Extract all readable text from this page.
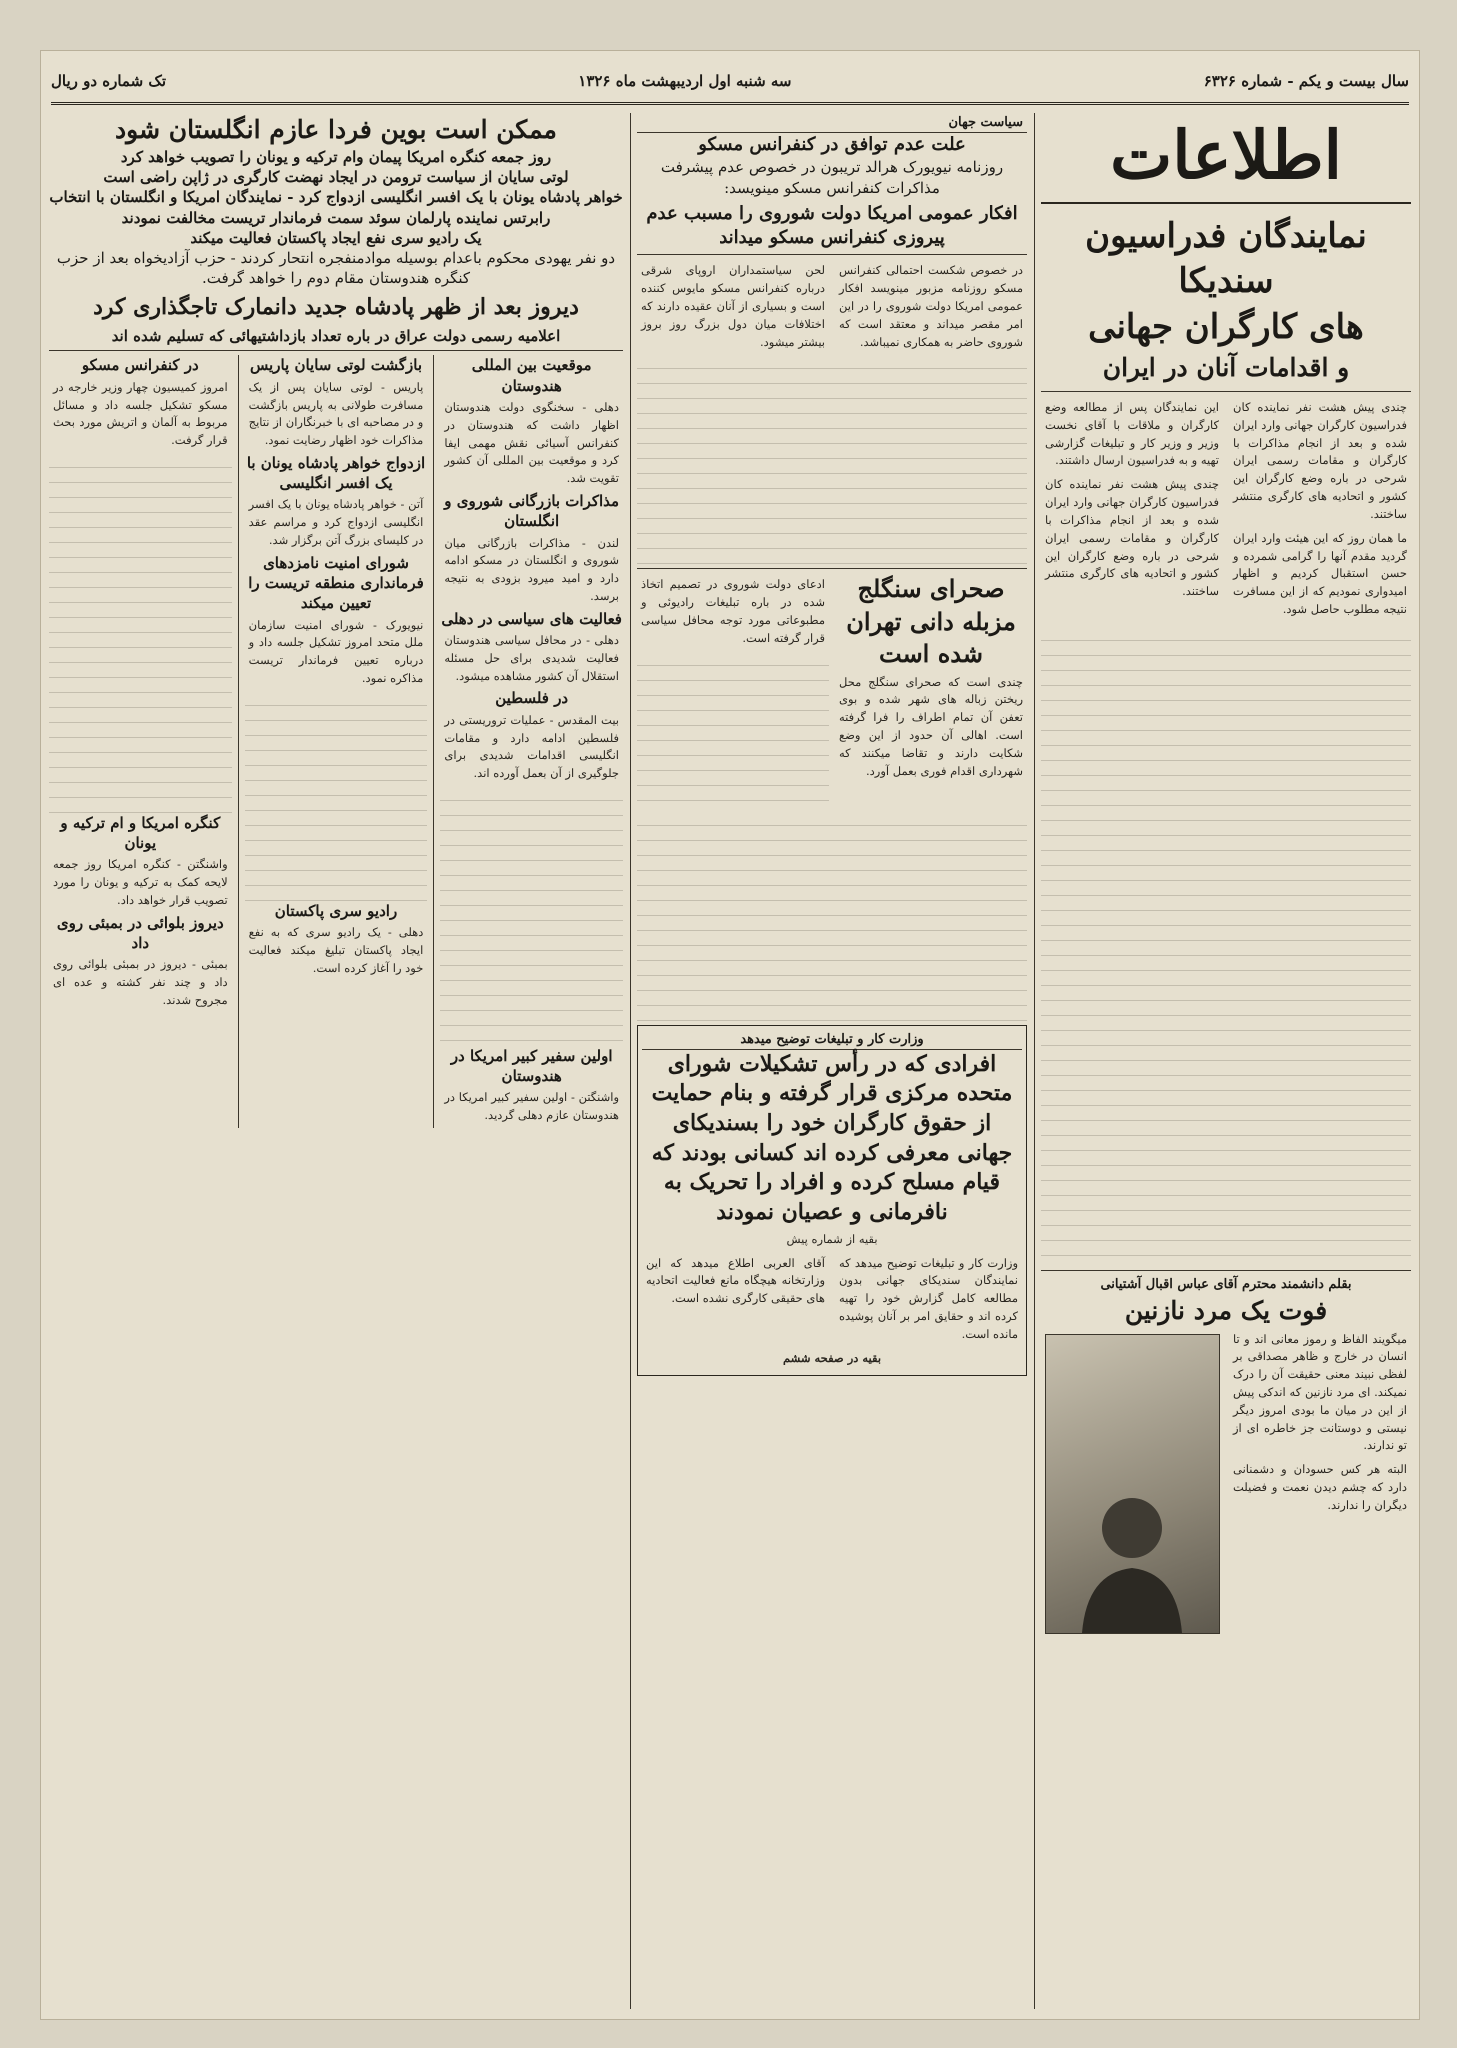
سال بیست و یکم - شماره ۶۳۲۶
سه شنبه اول اردیبهشت ماه ۱۳۲۶
تک شماره دو ریال
اطلاعات
نمایندگان فدراسیون سندیکا
های کارگران جهانی
و اقدامات آنان در ایران

چندی پیش هشت نفر نماینده کان فدراسیون کارگران جهانی وارد ایران شده و بعد از انجام مذاکرات با کارگران و مقامات رسمی ایران شرحی در باره وضع کارگران این کشور و اتحادیه های کارگری منتشر ساختند.

ما همان روز که این هیئت وارد ایران گردید مقدم آنها را گرامی شمرده و حسن استقبال کردیم و اظهار امیدواری نمودیم که از این مسافرت نتیجه مطلوب حاصل شود.

این نمایندگان پس از مطالعه وضع کارگران و ملاقات با آقای نخست وزیر و وزیر کار و تبلیغات گزارشی تهیه و به فدراسیون ارسال داشتند.

چندی پیش هشت نفر نماینده کان فدراسیون کارگران جهانی وارد ایران شده و بعد از انجام مذاکرات با کارگران و مقامات رسمی ایران شرحی در باره وضع کارگران این کشور و اتحادیه های کارگری منتشر ساختند.

بقلم دانشمند محترم آقای عباس اقبال آشتیانی
فوت یک مرد نازنین

میگویند الفاظ و رموز معانی اند و تا انسان در خارج و ظاهر مصداقی بر لفظی نبیند معنی حقیقت آن را درک نمیکند. ای مرد نازنین که اندکی پیش از این در میان ما بودی امروز دیگر نیستی و دوستانت جز خاطره ای از تو ندارند.

البته هر کس حسودان و دشمنانی دارد که چشم دیدن نعمت و فضیلت دیگران را ندارند.

سیاست جهان
علت عدم توافق در کنفرانس مسکو
روزنامه نیویورک هرالد تریبون در خصوص عدم پیشرفت مذاکرات کنفرانس مسکو مینویسد:
افکار عمومی امریکا دولت شوروی را مسبب عدم پیروزی کنفرانس مسکو میداند

در خصوص شکست احتمالی کنفرانس مسکو روزنامه مزبور مینویسد افکار عمومی امریکا دولت شوروی را در این امر مقصر میداند و معتقد است که شوروی حاضر به همکاری نمیباشد.

لحن سیاستمداران اروپای شرقی درباره کنفرانس مسکو مایوس کننده است و بسیاری از آنان عقیده دارند که اختلافات میان دول بزرگ روز بروز بیشتر میشود.

صحرای سنگلج مزبله دانی تهران شده است

چندی است که صحرای سنگلج محل ریختن زباله های شهر شده و بوی تعفن آن تمام اطراف را فرا گرفته است. اهالی آن حدود از این وضع شکایت دارند و تقاضا میکنند که شهرداری اقدام فوری بعمل آورد.

ادعای دولت شوروی در تصمیم اتخاذ شده در باره تبلیغات رادیوئی و مطبوعاتی مورد توجه محافل سیاسی قرار گرفته است.

وزارت کار و تبلیغات توضیح میدهد
افرادی که در رأس تشکیلات شورای متحده مرکزی قرار گرفته و بنام حمایت از حقوق کارگران خود را بسندیکای جهانی معرفی کرده اند کسانی بودند که قیام مسلح کرده و افراد را تحریک به نافرمانی و عصیان نمودند
بقیه از شماره پیش

وزارت کار و تبلیغات توضیح میدهد که نمایندگان سندیکای جهانی بدون مطالعه کامل گزارش خود را تهیه کرده اند و حقایق امر بر آنان پوشیده مانده است.

آقای العربی اطلاع میدهد که این وزارتخانه هیچگاه مانع فعالیت اتحادیه های حقیقی کارگری نشده است.

بقیه در صفحه ششم
ممکن است بوین فردا عازم انگلستان شود
روز جمعه کنگره امریکا پیمان وام ترکیه و یونان را تصویب خواهد کرد
لوتی سایان از سیاست ترومن در ایجاد نهضت کارگری در ژاپن راضی است
خواهر پادشاه یونان با یک افسر انگلیسی ازدواج کرد - نمایندگان امریکا و انگلستان با انتخاب رابرتس نماینده پارلمان سوئد سمت فرماندار تریست مخالفت نمودند
یک رادیو سری نفع ایجاد پاکستان فعالیت میکند
دو نفر یهودی محکوم باعدام بوسیله موادمنفجره انتحار کردند - حزب آزادیخواه بعد از حزب کنگره هندوستان مقام دوم را خواهد گرفت.
دیروز بعد از ظهر پادشاه جدید دانمارک تاجگذاری کرد
اعلامیه رسمی دولت عراق در باره تعداد بازداشتیهائی که تسلیم شده اند
موقعیت بین المللی هندوستان

دهلی - سخنگوی دولت هندوستان اظهار داشت که هندوستان در کنفرانس آسیائی نقش مهمی ایفا کرد و موقعیت بین المللی آن کشور تقویت شد.

مذاکرات بازرگانی شوروی و انگلستان

لندن - مذاکرات بازرگانی میان شوروی و انگلستان در مسکو ادامه دارد و امید میرود بزودی به نتیجه برسد.

فعالیت های سیاسی در دهلی

دهلی - در محافل سیاسی هندوستان فعالیت شدیدی برای حل مسئله استقلال آن کشور مشاهده میشود.

در فلسطین

بیت المقدس - عملیات تروریستی در فلسطین ادامه دارد و مقامات انگلیسی اقدامات شدیدی برای جلوگیری از آن بعمل آورده اند.

اولین سفیر کبیر امریکا در هندوستان

واشنگتن - اولین سفیر کبیر امریکا در هندوستان عازم دهلی گردید.

بازگشت لوتی سایان پاریس

پاریس - لوتی سایان پس از یک مسافرت طولانی به پاریس بازگشت و در مصاحبه ای با خبرنگاران از نتایج مذاکرات خود اظهار رضایت نمود.

ازدواج خواهر پادشاه یونان با یک افسر انگلیسی

آتن - خواهر پادشاه یونان با یک افسر انگلیسی ازدواج کرد و مراسم عقد در کلیسای بزرگ آتن برگزار شد.

شورای امنیت نامزدهای فرمانداری منطقه تریست را تعیین میکند

نیویورک - شورای امنیت سازمان ملل متحد امروز تشکیل جلسه داد و درباره تعیین فرماندار تریست مذاکره نمود.

رادیو سری پاکستان

دهلی - یک رادیو سری که به نفع ایجاد پاکستان تبلیغ میکند فعالیت خود را آغاز کرده است.

در کنفرانس مسکو

امروز کمیسیون چهار وزیر خارجه در مسکو تشکیل جلسه داد و مسائل مربوط به آلمان و اتریش مورد بحث قرار گرفت.

کنگره امریکا و ام ترکیه و یونان

واشنگتن - کنگره امریکا روز جمعه لایحه کمک به ترکیه و یونان را مورد تصویب قرار خواهد داد.

دیروز بلوائی در بمبئی روی داد

بمبئی - دیروز در بمبئی بلوائی روی داد و چند نفر کشته و عده ای مجروح شدند.
